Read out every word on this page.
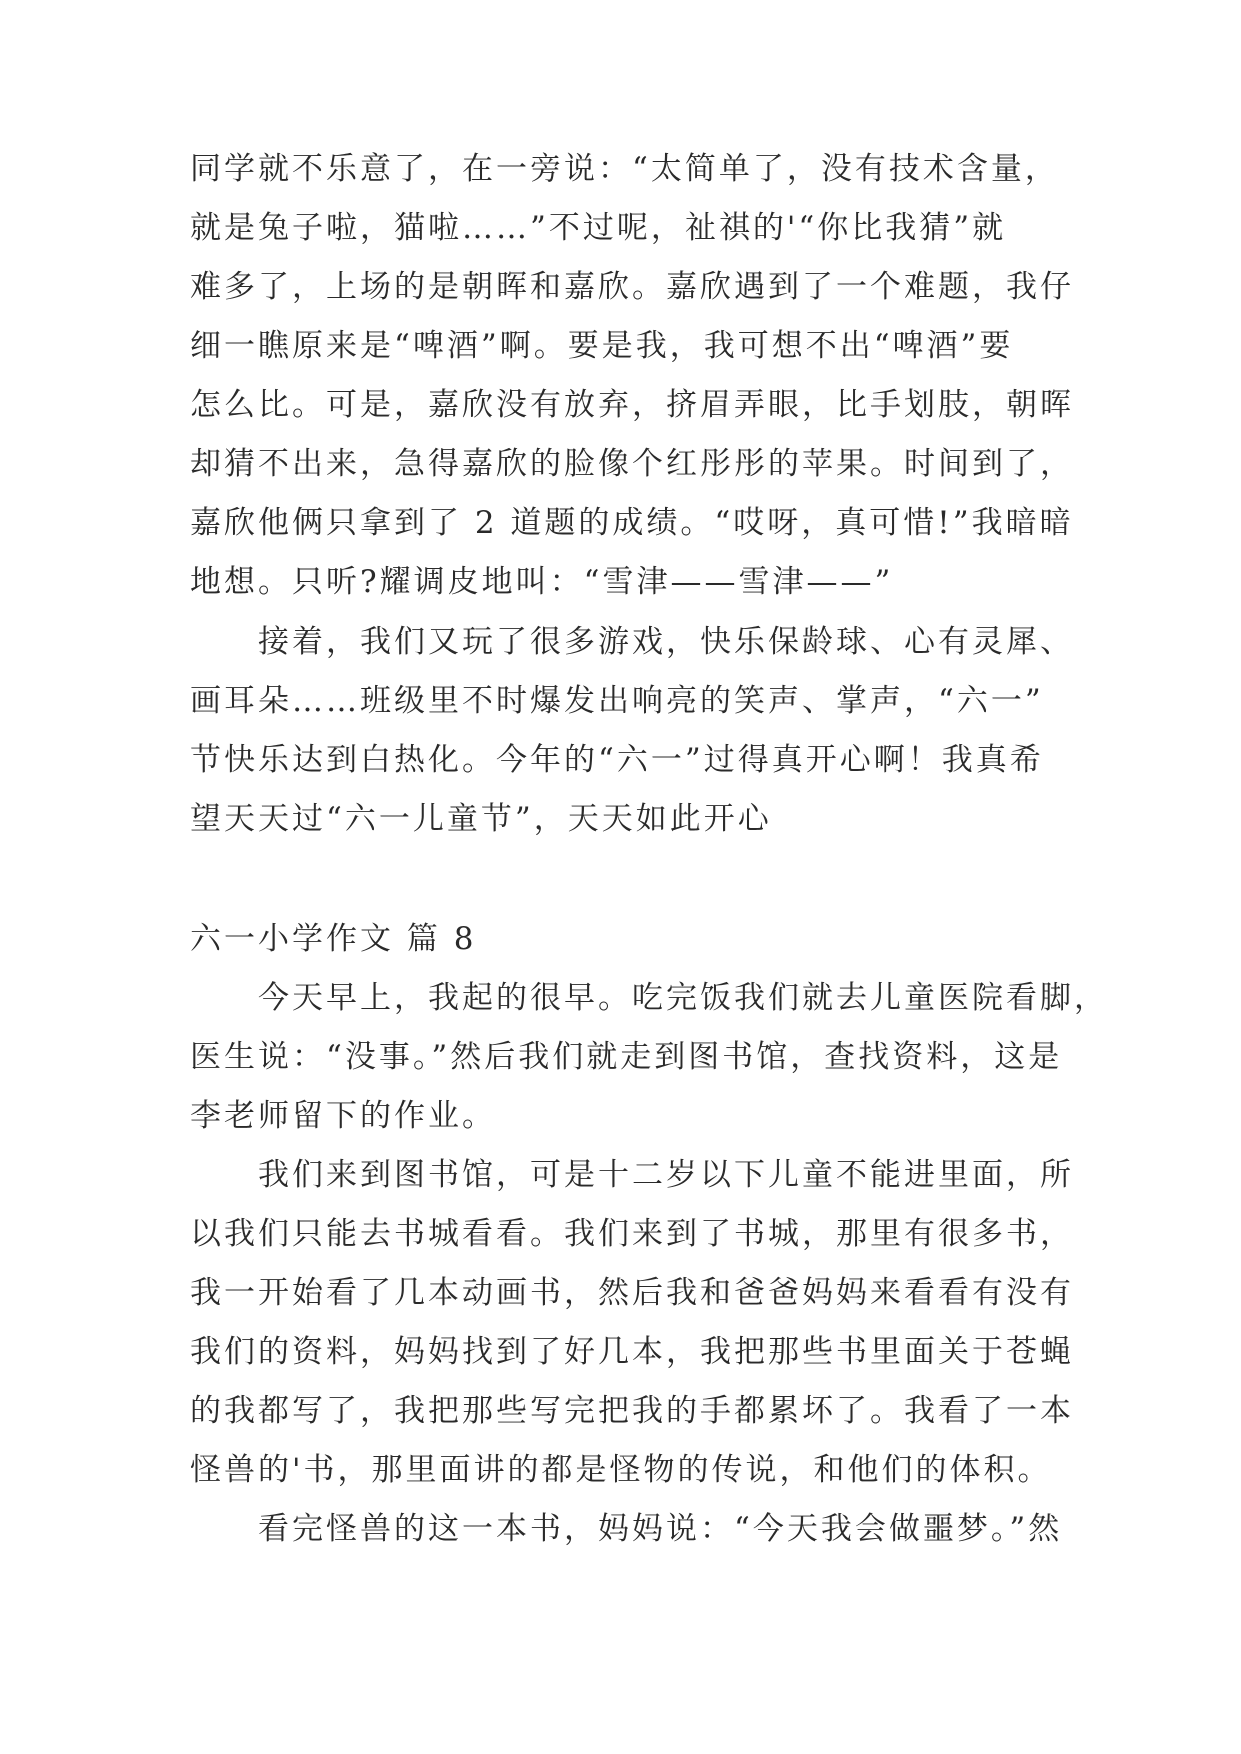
同学就不乐意了，在一旁说：“太简单了，没有技术含量，
就是兔子啦，猫啦……”不过呢，祉祺的'“你比我猜”就
难多了，上场的是朝晖和嘉欣。嘉欣遇到了一个难题，我仔
细一瞧原来是“啤酒”啊。要是我，我可想不出“啤酒”要
怎么比。可是，嘉欣没有放弃，挤眉弄眼，比手划肢，朝晖
却猜不出来，急得嘉欣的脸像个红彤彤的苹果。时间到了，
嘉欣他俩只拿到了 2 道题的成绩。“哎呀，真可惜!”我暗暗
地想。只听?耀调皮地叫：“雪津——雪津——”
接着，我们又玩了很多游戏，快乐保龄球、心有灵犀、
画耳朵……班级里不时爆发出响亮的笑声、掌声，“六一”
节快乐达到白热化。今年的“六一”过得真开心啊！我真希
望天天过“六一儿童节”，天天如此开心
六一小学作文 篇 8
今天早上，我起的很早。吃完饭我们就去儿童医院看脚，
医生说：“没事。”然后我们就走到图书馆，查找资料，这是
李老师留下的作业。
我们来到图书馆，可是十二岁以下儿童不能进里面，所
以我们只能去书城看看。我们来到了书城，那里有很多书，
我一开始看了几本动画书，然后我和爸爸妈妈来看看有没有
我们的资料，妈妈找到了好几本，我把那些书里面关于苍蝇
的我都写了，我把那些写完把我的手都累坏了。我看了一本
怪兽的'书，那里面讲的都是怪物的传说，和他们的体积。
看完怪兽的这一本书，妈妈说：“今天我会做噩梦。”然
